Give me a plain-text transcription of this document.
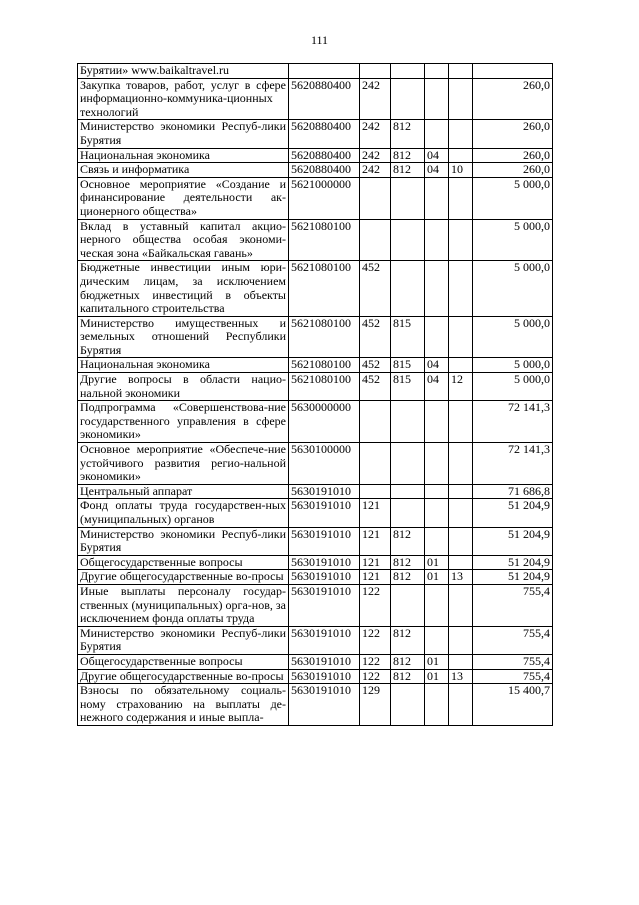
111
Бурятии» www.baikaltravel.ru						
Закупка товаров, работ, услуг в сфере информационно-коммуника-ционных технологий	5620880400	242				260,0
Министерство экономики Респуб-лики Бурятия	5620880400	242	812			260,0
Национальная экономика	5620880400	242	812	04		260,0
Связь и информатика	5620880400	242	812	04	10	260,0
Основное мероприятие «Создание и финансирование деятельности ак-ционерного общества»	5621000000					5 000,0
Вклад в уставный капитал акцио-нерного общества особая экономи-ческая зона «Байкальская гавань»	5621080100					5 000,0
Бюджетные инвестиции иным юри-дическим лицам, за исключением бюджетных инвестиций в объекты капитального строительства	5621080100	452				5 000,0
Министерство имущественных и земельных отношений Республики Бурятия	5621080100	452	815			5 000,0
Национальная экономика	5621080100	452	815	04		5 000,0
Другие вопросы в области нацио-нальной экономики	5621080100	452	815	04	12	5 000,0
Подпрограмма «Совершенствова-ние государственного управления в сфере экономики»	5630000000					72 141,3
Основное мероприятие «Обеспече-ние устойчивого развития регио-нальной экономики»	5630100000					72 141,3
Центральный аппарат	5630191010					71 686,8
Фонд оплаты труда государствен-ных (муниципальных) органов	5630191010	121				51 204,9
Министерство экономики Респуб-лики Бурятия	5630191010	121	812			51 204,9
Общегосударственные вопросы	5630191010	121	812	01		51 204,9
Другие общегосударственные во-просы	5630191010	121	812	01	13	51 204,9
Иные выплаты персоналу государ-ственных (муниципальных) орга-нов, за исключением фонда оплаты труда	5630191010	122				755,4
Министерство экономики Респуб-лики Бурятия	5630191010	122	812			755,4
Общегосударственные вопросы	5630191010	122	812	01		755,4
Другие общегосударственные во-просы	5630191010	122	812	01	13	755,4
Взносы по обязательному социаль-ному страхованию на выплаты де-нежного содержания и иные выпла-	5630191010	129				15 400,7
